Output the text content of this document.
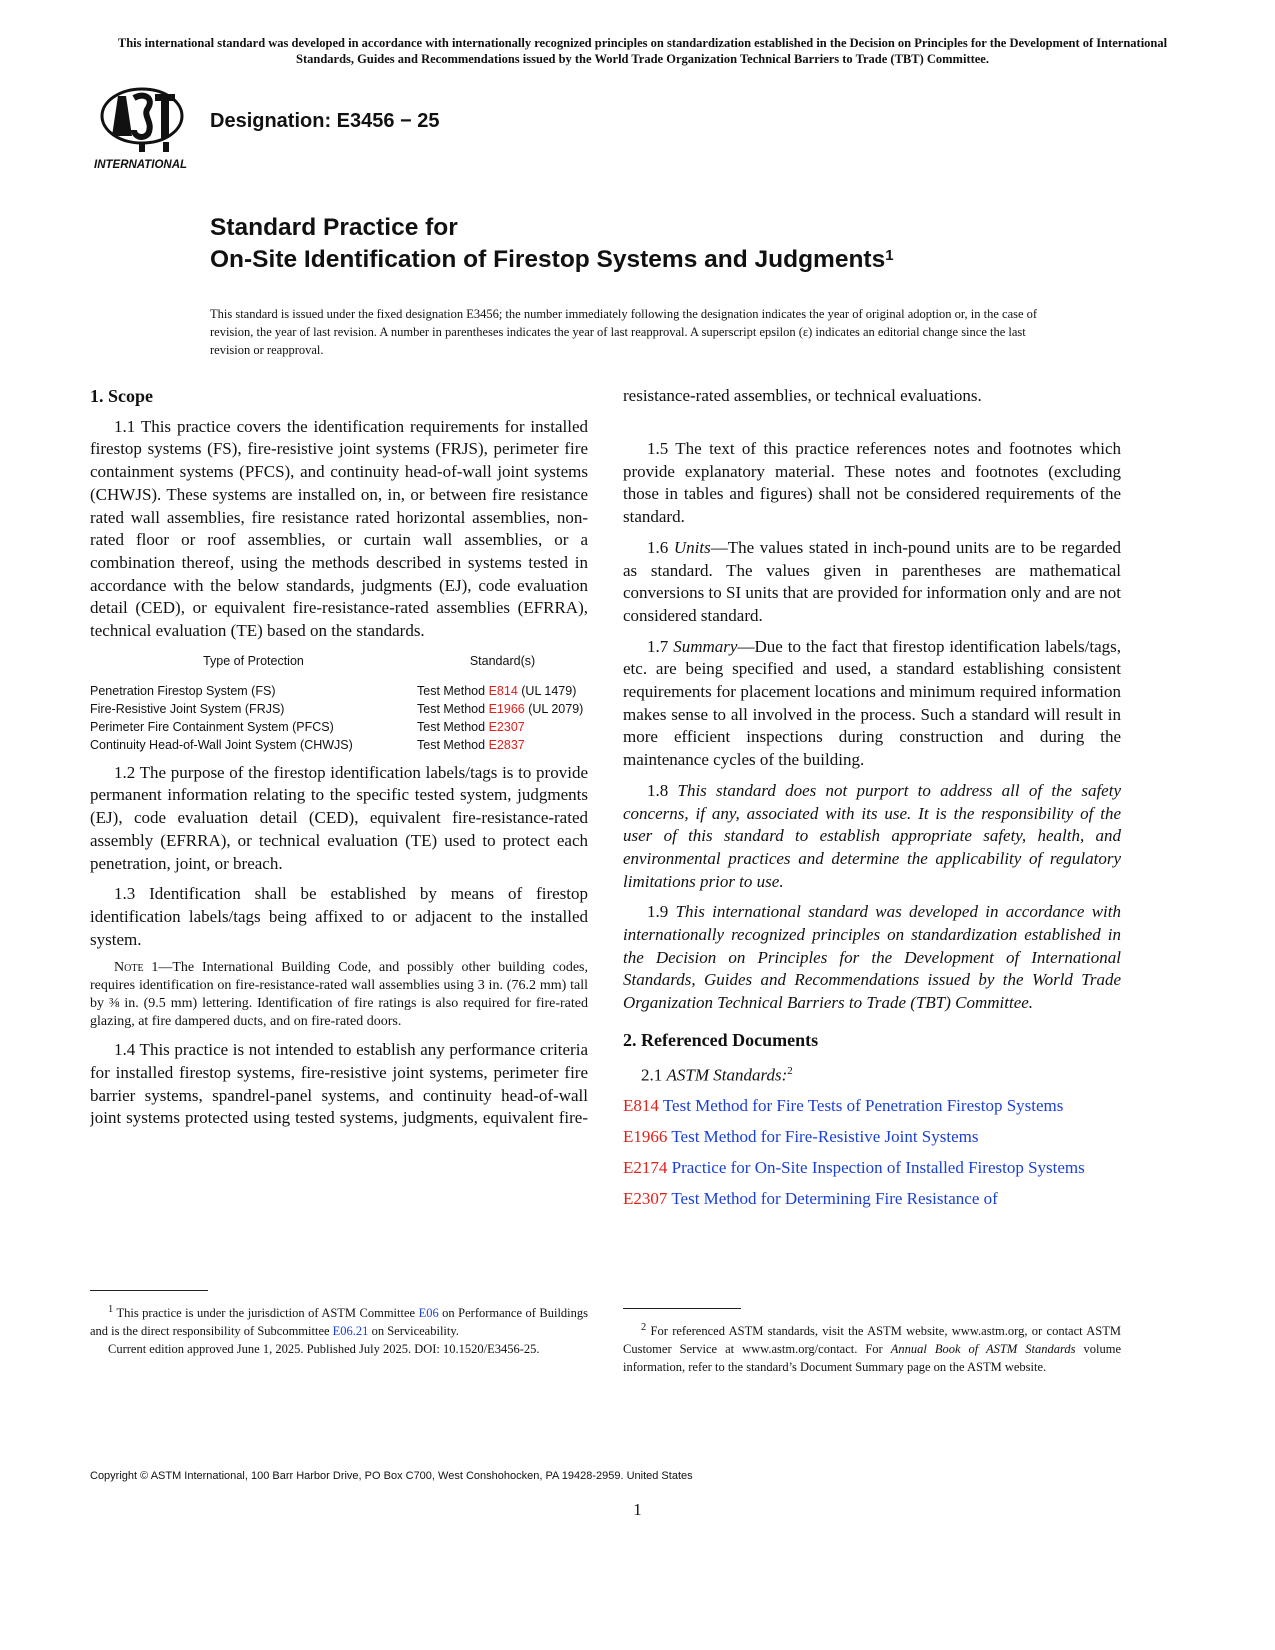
This international standard was developed in accordance with internationally recognized principles on standardization established in the Decision on Principles for the Development of International Standards, Guides and Recommendations issued by the World Trade Organization Technical Barriers to Trade (TBT) Committee.
INTERNATIONAL
Designation: E3456 − 25
Standard Practice for
On-Site Identification of Firestop Systems and Judgments$^1$
This standard is issued under the fixed designation E3456; the number immediately following the designation indicates the year of original adoption or, in the case of revision, the year of last revision. A number in parentheses indicates the year of last reapproval. A superscript epsilon (ε) indicates an editorial change since the last revision or reapproval.
1. Scope

1.1 This practice covers the identification requirements for installed firestop systems (FS), fire-resistive joint systems (FRJS), perimeter fire containment systems (PFCS), and continuity head-of-wall joint systems (CHWJS). These systems are installed on, in, or between fire resistance rated wall assemblies, fire resistance rated horizontal assemblies, non-rated floor or roof assemblies, or curtain wall assemblies, or a combination thereof, using the methods described in systems tested in accordance with the below standards, judgments (EJ), code evaluation detail (CED), or equivalent fire-resistance-rated assemblies (EFRRA), technical evaluation (TE) based on the standards.

Type of Protection	Standard(s)
Penetration Firestop System (FS)	Test Method E814 (UL 1479)
Fire-Resistive Joint System (FRJS)	Test Method E1966 (UL 2079)
Perimeter Fire Containment System (PFCS)	Test Method E2307
Continuity Head-of-Wall Joint System (CHWJS)	Test Method E2837

1.2 The purpose of the firestop identification labels/tags is to provide permanent information relating to the specific tested system, judgments (EJ), code evaluation detail (CED), equivalent fire-resistance-rated assembly (EFRRA), or technical evaluation (TE) used to protect each penetration, joint, or breach.

1.3 Identification shall be established by means of firestop identification labels/tags being affixed to or adjacent to the installed system.

Note 1—The International Building Code, and possibly other building codes, requires identification on fire-resistance-rated wall assemblies using 3 in. (76.2 mm) tall by ⅜ in. (9.5 mm) lettering. Identification of fire ratings is also required for fire-rated glazing, at fire dampered ducts, and on fire-rated doors.

1.4 This practice is not intended to establish any performance criteria for installed firestop systems, fire-resistive joint systems, perimeter fire barrier systems, spandrel-panel systems, and continuity head-of-wall joint systems protected using tested systems, judgments, equivalent fire-

resistance-rated assemblies, or technical evaluations.

1.5 The text of this practice references notes and footnotes which provide explanatory material. These notes and footnotes (excluding those in tables and figures) shall not be considered requirements of the standard.

1.6 Units—The values stated in inch-pound units are to be regarded as standard. The values given in parentheses are mathematical conversions to SI units that are provided for information only and are not considered standard.

1.7 Summary—Due to the fact that firestop identification labels/tags, etc. are being specified and used, a standard establishing consistent requirements for placement locations and minimum required information makes sense to all involved in the process. Such a standard will result in more efficient inspections during construction and during the maintenance cycles of the building.

1.8 This standard does not purport to address all of the safety concerns, if any, associated with its use. It is the responsibility of the user of this standard to establish appropriate safety, health, and environmental practices and determine the applicability of regulatory limitations prior to use.

1.9 This international standard was developed in accordance with internationally recognized principles on standardization established in the Decision on Principles for the Development of International Standards, Guides and Recommendations issued by the World Trade Organization Technical Barriers to Trade (TBT) Committee.

2. Referenced Documents

2.1 ASTM Standards:$^2$

E814 Test Method for Fire Tests of Penetration Firestop Systems

E1966 Test Method for Fire-Resistive Joint Systems

E2174 Practice for On-Site Inspection of Installed Firestop Systems

E2307 Test Method for Determining Fire Resistance of

$^1$ This practice is under the jurisdiction of ASTM Committee E06 on Performance of Buildings and is the direct responsibility of Subcommittee E06.21 on Serviceability.

Current edition approved June 1, 2025. Published July 2025. DOI: 10.1520/E3456-25.

$^2$ For referenced ASTM standards, visit the ASTM website, www.astm.org, or contact ASTM Customer Service at www.astm.org/contact. For Annual Book of ASTM Standards volume information, refer to the standard’s Document Summary page on the ASTM website.

Copyright © ASTM International, 100 Barr Harbor Drive, PO Box C700, West Conshohocken, PA 19428-2959. United States
1
